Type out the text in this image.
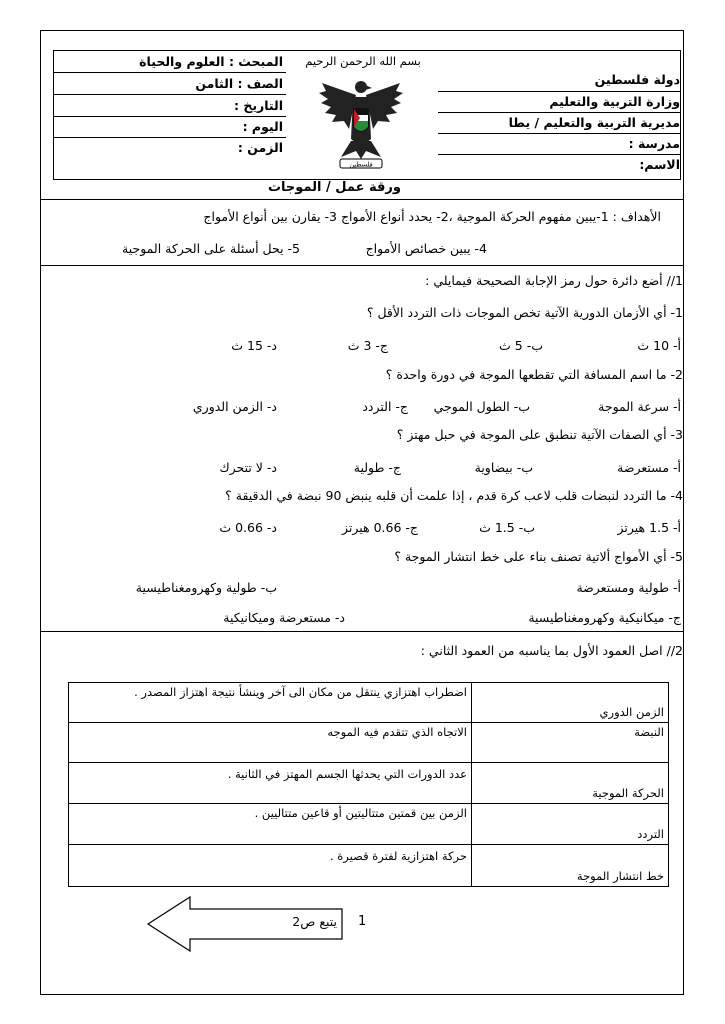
دولة فلسطين
وزارة التربية والتعليم
مديرية التربية والتعليم / يطا
مدرسة :
الاسم:
المبحث : العلوم والحياة
الصف : الثامن
التاريخ :
اليوم :
الزمن :
بسم الله الرحمن الرحيم
فلسطين
ورقة عمل / الموجات
الأهداف : 1-يبين مفهوم الحركة الموجية ،2- يحدد أنواع الأمواج 3- يقارن بين أنواع الأمواج
4- يبين خصائص الأمواج
5- يحل أسئلة على الحركة الموجية
1// أضع دائرة حول رمز الإجابة الصحيحة فيمايلي :
1- أي الأزمان الدورية الآتية تخص الموجات ذات التردد الأقل ؟
أ- 10 ث
ب- 5 ث
ج- 3 ث
د- 15 ث
2- ما اسم المسافة التي تقطعها الموجة في دورة واحدة ؟
أ- سرعة الموجة
ب- الطول الموجي
ج- التردد
د- الزمن الدوري
3- أي الصفات الآتية تنطبق على الموجة في حبل مهتز ؟
أ- مستعرضة
ب- بيضاوية
ج- طولية
د- لا تتحرك
4- ما التردد لنبضات قلب لاعب كرة قدم ، إذا علمت أن قلبه ينبض 90 نبضة في الدقيقة ؟
أ- 1.5 هيرتز
ب- 1.5 ث
ج- 0.66 هيرتز
د- 0.66 ث
5- أي الأمواج ألاتية تصنف بناء على خط انتشار الموجة ؟
أ- طولية ومستعرضة
ب- طولية وكهرومغناطيسية
ج- ميكانيكية وكهرومغناطيسية
د- مستعرضة وميكانيكية
2// اصل العمود الأول بما يناسبه من العمود الثاني :
الزمن الدوري	اضطراب اهتزازي ينتقل من مكان الى آخر وينشأ نتيجة اهتزاز المصدر .
النبضة	الاتجاه الذي تتقدم فيه الموجه
الحركة الموجية	عدد الدورات التي يحدثها الجسم المهتز في الثانية .
التردد	الزمن بين قمتين متتاليتين أو قاعين متتاليين .
خط انتشار الموجة	حركة اهتزازية لفترة قصيرة .
يتبع ص2 1
